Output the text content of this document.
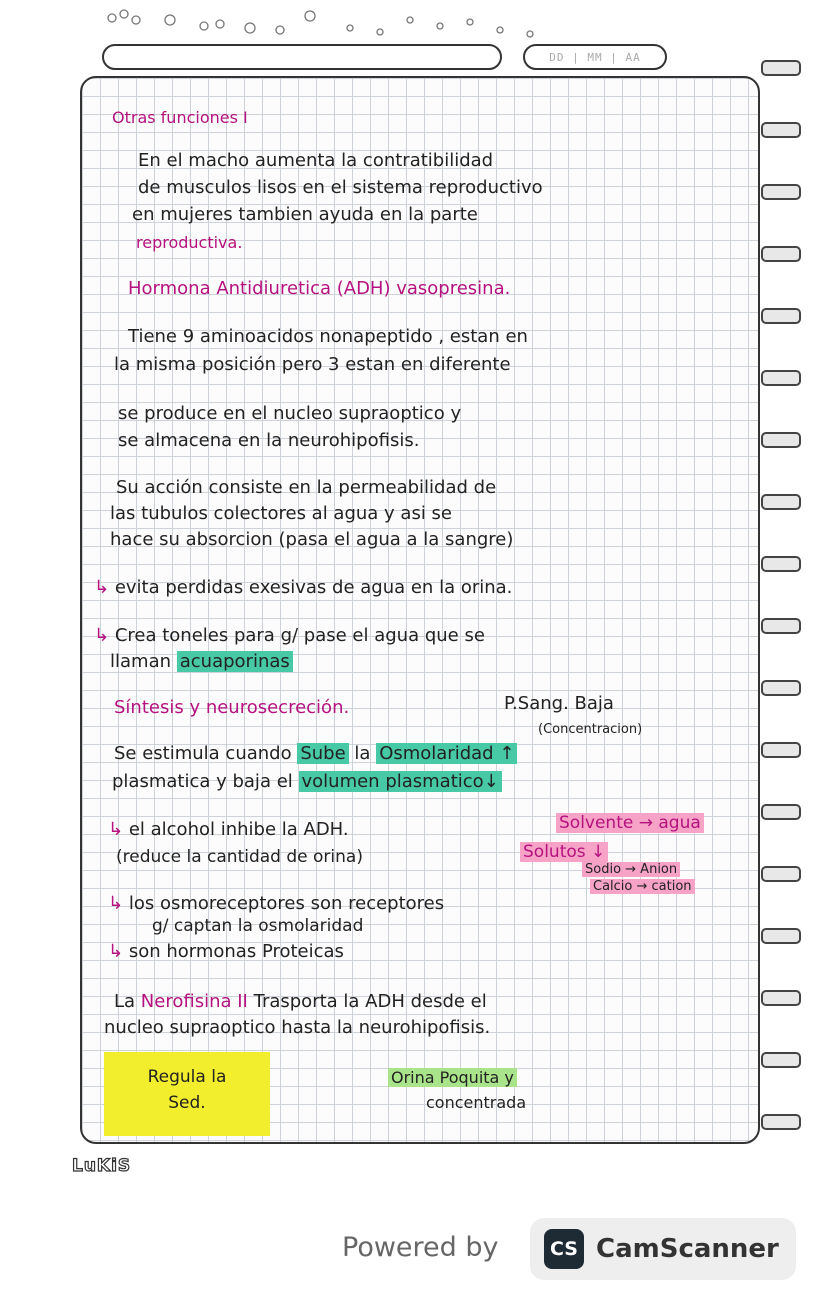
DD | MM | AA
Otras funciones I
En el macho aumenta la contratibilidad
de musculos lisos en el sistema reproductivo
en mujeres tambien ayuda en la parte
reproductiva.
Hormona Antidiuretica (ADH) vasopresina.
Tiene 9 aminoacidos nonapeptido , estan en
la misma posición pero 3 estan en diferente
se produce en el nucleo supraoptico y
se almacena en la neurohipofisis.
Su acción consiste en la permeabilidad de
las tubulos colectores al agua y asi se
hace su absorcion (pasa el agua a la sangre)
↳ evita perdidas exesivas de agua en la orina.
↳ Crea toneles para g/ pase el agua que se
llaman acuaporinas
Síntesis y neurosecreción.	P.Sang. Baja
(Concentracion)
Se estimula cuando Sube la Osmolaridad ↑
plasmatica y baja el volumen plasmatico↓
↳ el alcohol inhibe la ADH.
(reduce la cantidad de orina)
Solvente → agua
Solutos ↓
Sodio → Anion
Calcio → cation
↳ los osmoreceptores son receptores
g/ captan la osmolaridad
↳ son hormonas Proteicas
La Nerofisina II Trasporta la ADH desde el
nucleo supraoptico hasta la neurohipofisis.
Regula la
Sed.
Orina Poquita y
concentrada
LuKiS
Powered by	CS CamScanner
